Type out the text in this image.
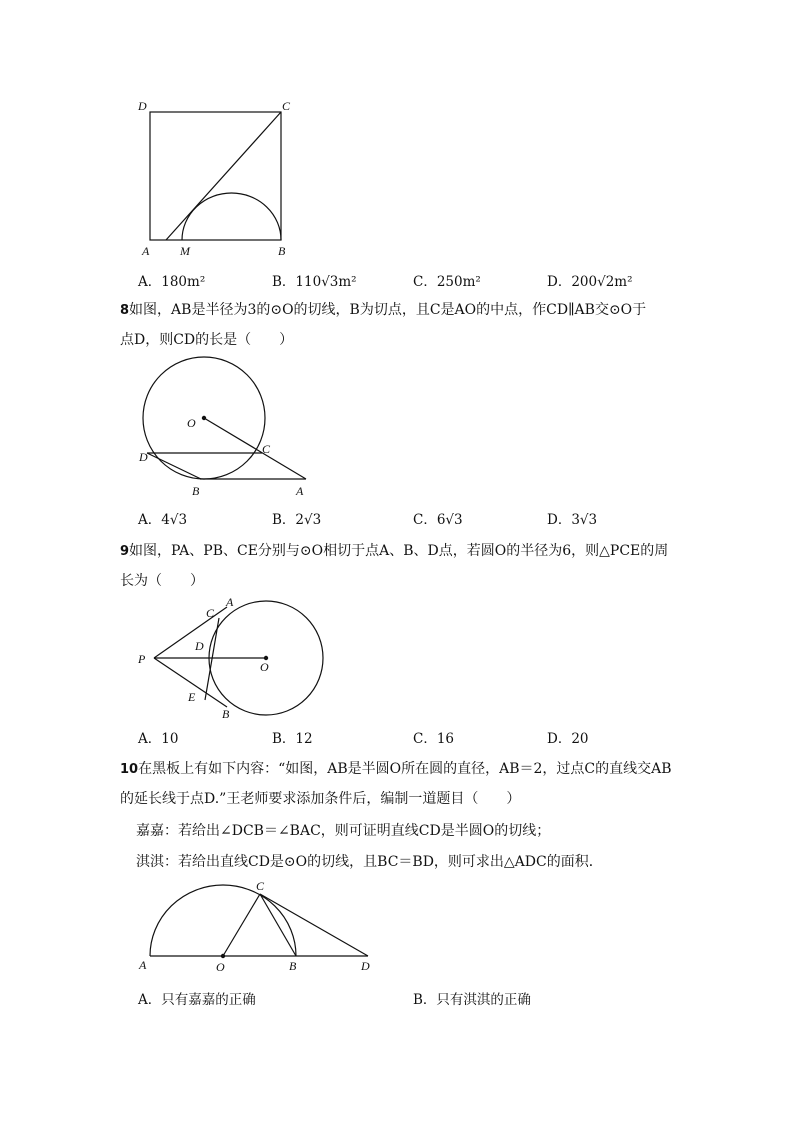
D	C
A	M	B
A．180m²	B．110√3m²	C．250m²	D．200√2m²
8如图，AB是半径为3的⊙O的切线，B为切点，且C是AO的中点，作CD∥AB交⊙O于
点D，则CD的长是（　　）
O
C
D
B	A
A．4√3	B．2√3	C．6√3	D．3√3
9如图，PA、PB、CE分别与⊙O相切于点A、B、D点，若圆O的半径为6，则△PCE的周
长为（　　）
P
C
A
D
O
E
B
A．10	B．12	C．16	D．20
10在黑板上有如下内容：“如图，AB是半圆O所在圆的直径，AB＝2，过点C的直线交AB
的延长线于点D.”王老师要求添加条件后，编制一道题目（　　）
嘉嘉：若给出∠DCB＝∠BAC，则可证明直线CD是半圆O的切线；
淇淇：若给出直线CD是⊙O的切线，且BC＝BD，则可求出△ADC的面积．
C
A	O	B	D
A．只有嘉嘉的正确	B．只有淇淇的正确
